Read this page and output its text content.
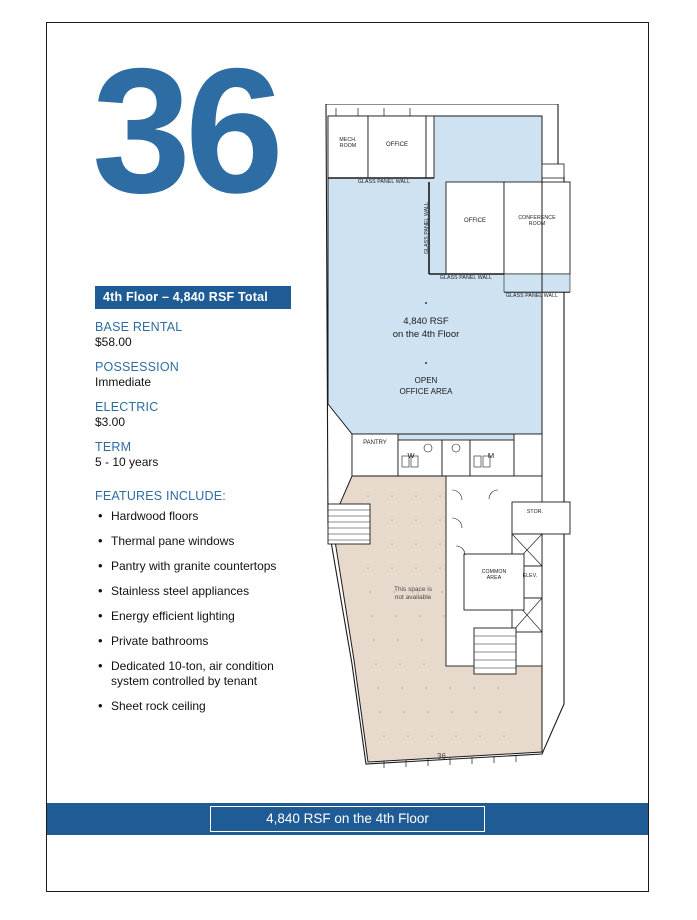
36	MECH.
ROOM	OFFICE
GLASS PANEL WALL
GLASS PANEL WALL	OFFICE	CONFERENCE
ROOM
GLASS PANEL WALL
GLASS PANEL WALL
4,840 RSF
on the 4th Floor
OPEN
OFFICE AREA
PANTRY
W	M
STOR.
ELEV.
COMMON
AREA
This space is
not available
36
4th Floor – 4,840 RSF Total
BASE RENTAL
$58.00
POSSESSION
Immediate
ELECTRIC
$3.00
TERM
5 - 10 years
FEATURES INCLUDE:
• Hardwood floors
• Thermal pane windows
• Pantry with granite countertops
• Stainless steel appliances
• Energy efficient lighting
• Private bathrooms
• Dedicated 10-ton, air condition system controlled by tenant
• Sheet rock ceiling
4,840 RSF on the 4th Floor
